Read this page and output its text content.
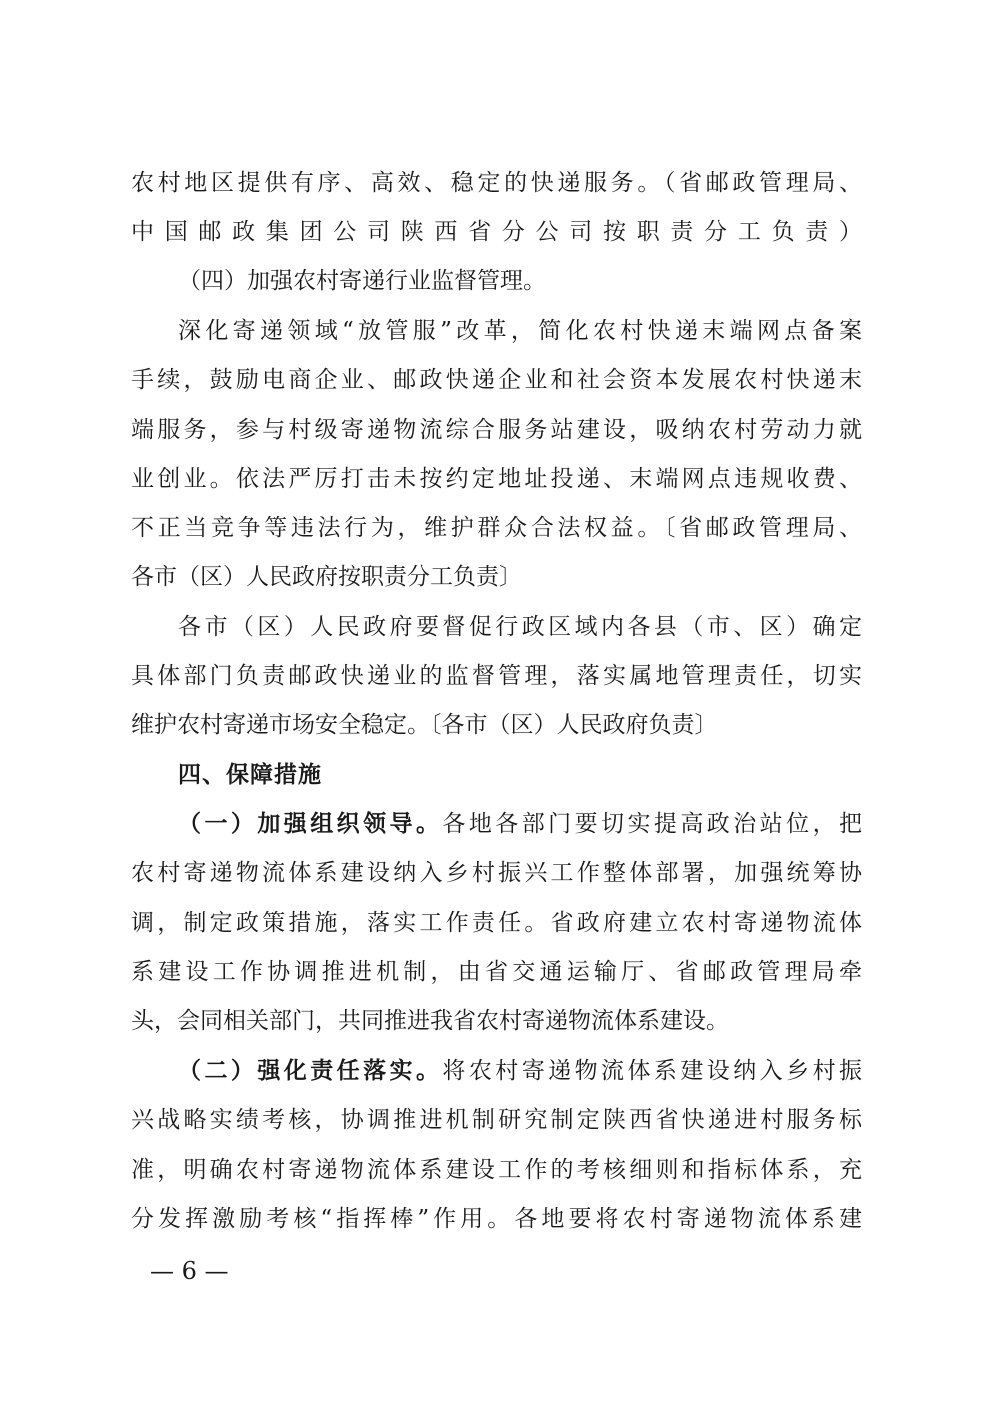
农村地区提供有序、高效、稳定的快递服务。（省邮政管理局、
中国邮政集团公司陕西省分公司按职责分工负责）
（四）加强农村寄递行业监督管理。
深化寄递领域“放管服”改革，简化农村快递末端网点备案
手续，鼓励电商企业、邮政快递企业和社会资本发展农村快递末
端服务，参与村级寄递物流综合服务站建设，吸纳农村劳动力就
业创业。依法严厉打击未按约定地址投递、末端网点违规收费、
不正当竞争等违法行为，维护群众合法权益。〔省邮政管理局、
各市（区）人民政府按职责分工负责〕
各市（区）人民政府要督促行政区域内各县（市、区）确定
具体部门负责邮政快递业的监督管理，落实属地管理责任，切实
维护农村寄递市场安全稳定。〔各市（区）人民政府负责〕
四、保障措施
（一）加强组织领导。各地各部门要切实提高政治站位，把
农村寄递物流体系建设纳入乡村振兴工作整体部署，加强统筹协
调，制定政策措施，落实工作责任。省政府建立农村寄递物流体
系建设工作协调推进机制，由省交通运输厅、省邮政管理局牵
头，会同相关部门，共同推进我省农村寄递物流体系建设。
（二）强化责任落实。将农村寄递物流体系建设纳入乡村振
兴战略实绩考核，协调推进机制研究制定陕西省快递进村服务标
准，明确农村寄递物流体系建设工作的考核细则和指标体系，充
分发挥激励考核“指挥棒”作用。各地要将农村寄递物流体系建
— 6 —
